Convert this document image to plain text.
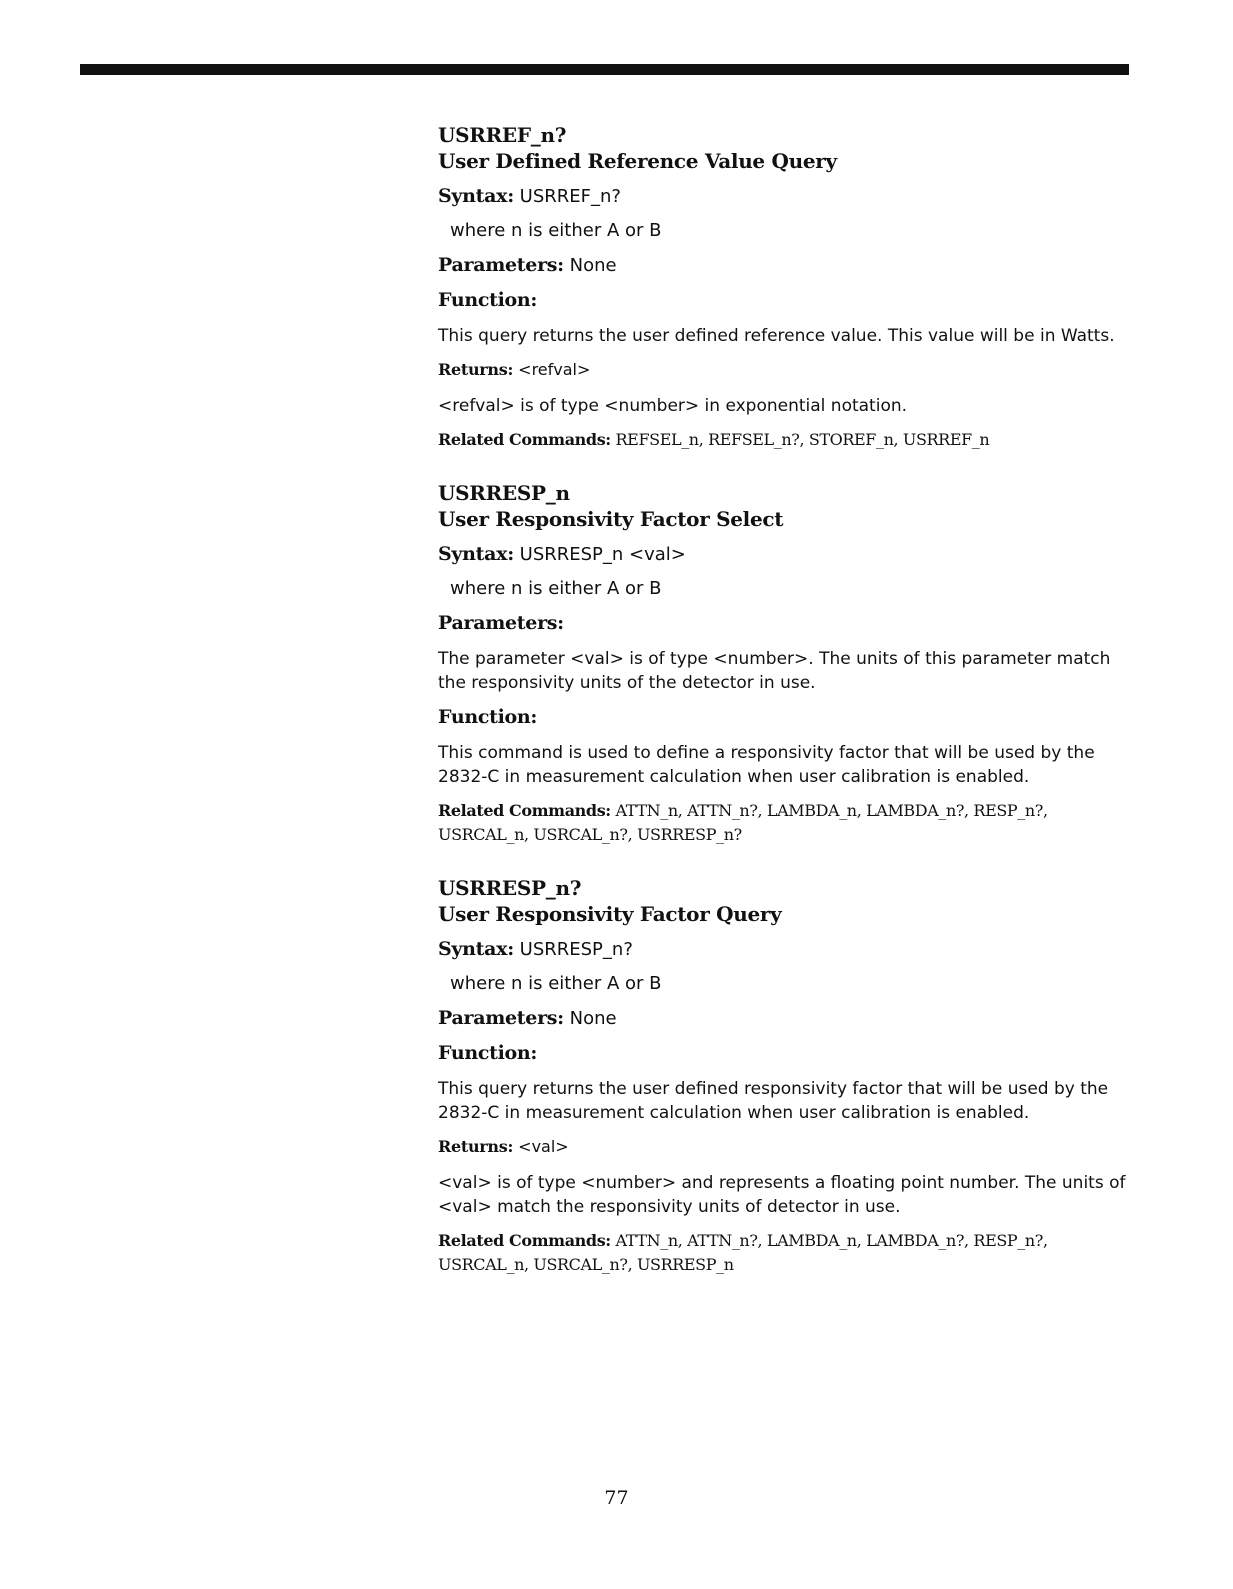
USRREF_n?
User Defined Reference Value Query
Syntax: USRREF_n?
where n is either A or B
Parameters: None
Function:
This query returns the user defined reference value. This value will be in Watts.
Returns: <refval>
<refval> is of type <number> in exponential notation.
Related Commands: REFSEL_n, REFSEL_n?, STOREF_n, USRREF_n
USRRESP_n
User Responsivity Factor Select
Syntax: USRRESP_n <val>
where n is either A or B
Parameters:
The parameter <val> is of type <number>. The units of this parameter match the responsivity units of the detector in use.
Function:
This command is used to define a responsivity factor that will be used by the 2832-C in measurement calculation when user calibration is enabled.
Related Commands: ATTN_n, ATTN_n?, LAMBDA_n, LAMBDA_n?, RESP_n?, USRCAL_n, USRCAL_n?, USRRESP_n?
USRRESP_n?
User Responsivity Factor Query
Syntax: USRRESP_n?
where n is either A or B
Parameters: None
Function:
This query returns the user defined responsivity factor that will be used by the 2832-C in measurement calculation when user calibration is enabled.
Returns: <val>
<val> is of type <number> and represents a floating point number. The units of <val> match the responsivity units of detector in use.
Related Commands: ATTN_n, ATTN_n?, LAMBDA_n, LAMBDA_n?, RESP_n?, USRCAL_n, USRCAL_n?, USRRESP_n
77
